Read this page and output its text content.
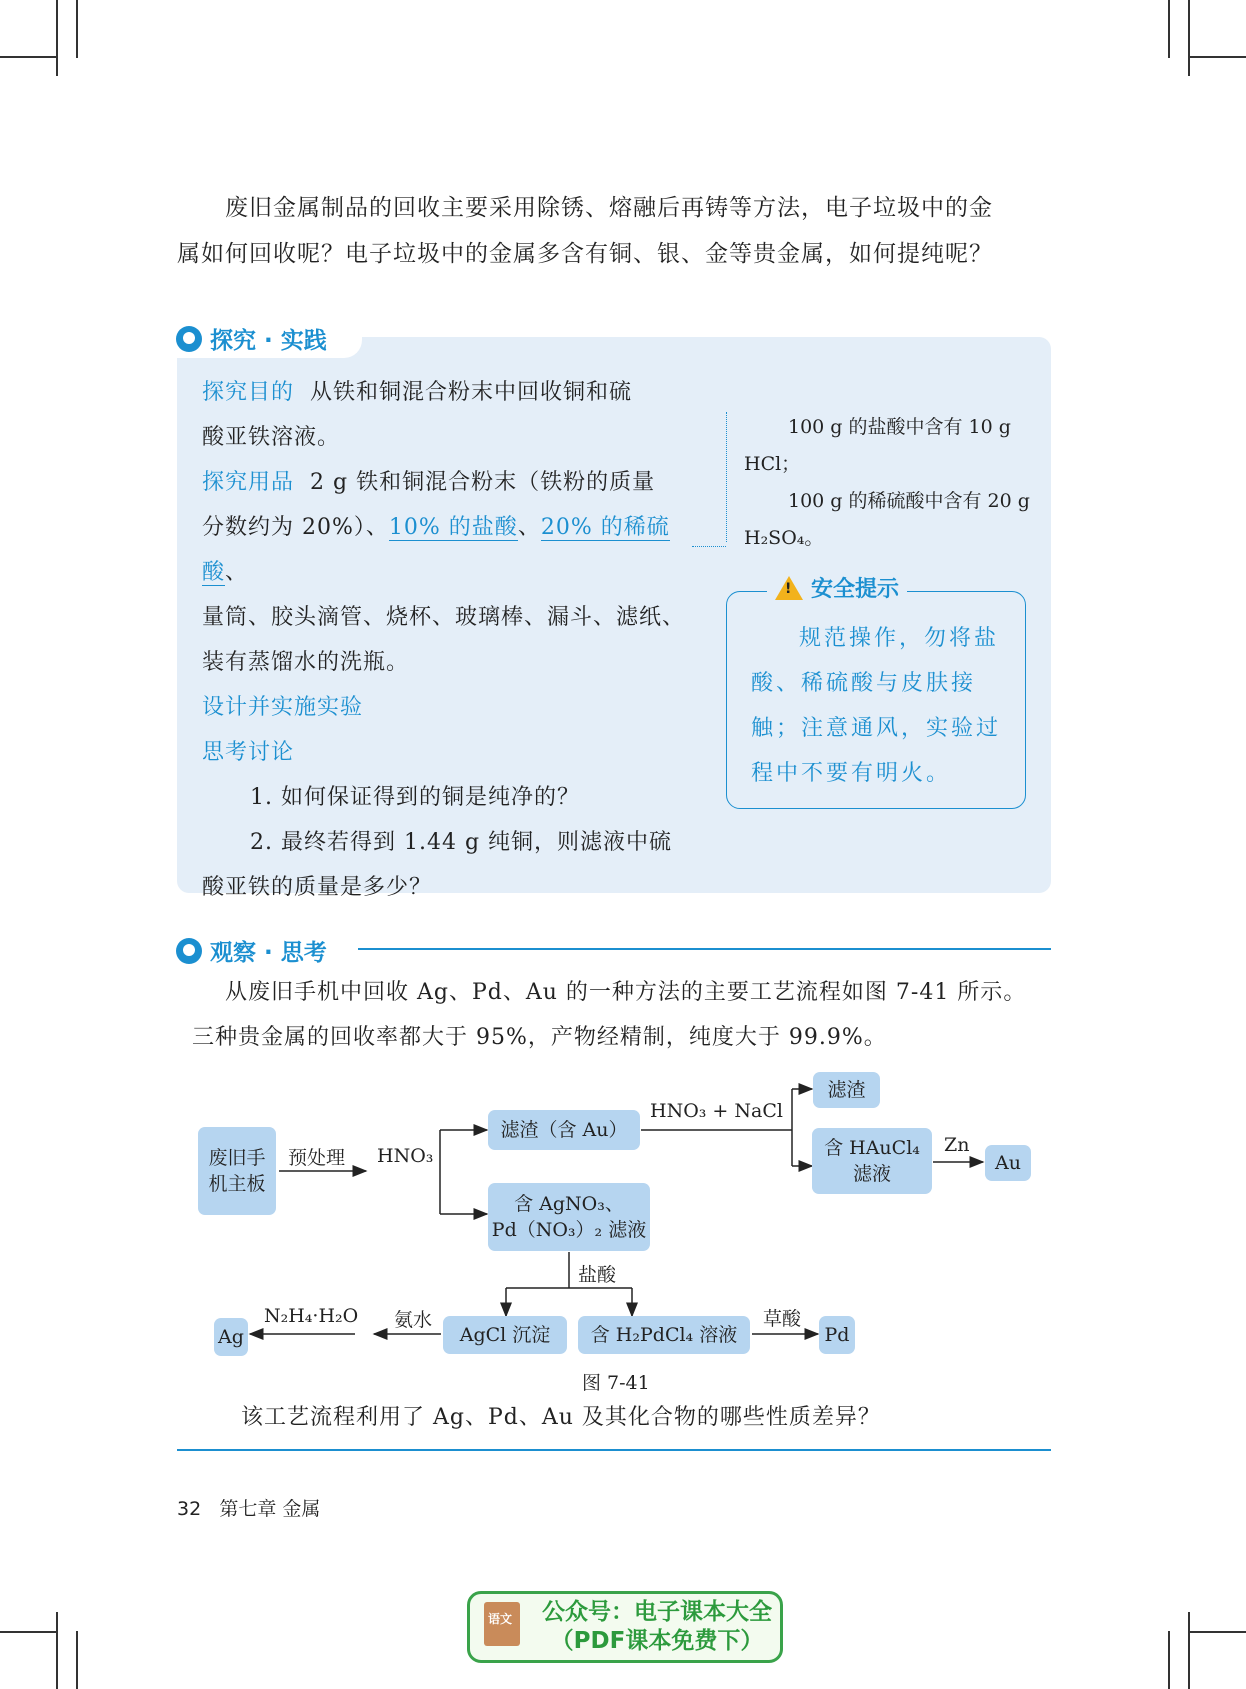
废旧金属制品的回收主要采用除锈、熔融后再铸等方法，电子垃圾中的金
属如何回收呢？电子垃圾中的金属多含有铜、银、金等贵金属，如何提纯呢？
探究 · 实践
探究目的 从铁和铜混合粉末中回收铜和硫
酸亚铁溶液。
探究用品 2 g 铁和铜混合粉末（铁粉的质量
分数约为 20%）、10% 的盐酸、20% 的稀硫酸、
量筒、胶头滴管、烧杯、玻璃棒、漏斗、滤纸、
装有蒸馏水的洗瓶。
设计并实施实验
思考讨论
1. 如何保证得到的铜是纯净的？
2. 最终若得到 1.44 g 纯铜，则滤液中硫
酸亚铁的质量是多少？
100 g 的盐酸中含有 10 g
HCl；
100 g 的稀硫酸中含有 20 g
H₂SO₄。
! 安全提示
规范操作，勿将盐酸、稀硫酸与皮肤接触；注意通风，实验过程中不要有明火。
观察 · 思考
从废旧手机中回收 Ag、Pd、Au 的一种方法的主要工艺流程如图 7-41 所示。
三种贵金属的回收率都大于 95%，产物经精制，纯度大于 99.9%。
废旧手机主板
预处理 HNO₃
滤渣（含 Au）
HNO₃ + NaCl
滤渣
含 HAuCl₄
滤液
Zn
Au
含 AgNO₃、
Pd（NO₃）₂ 滤液
盐酸
AgCl 沉淀 含 H₂PdCl₄ 溶液
草酸
Pd
氨水
N₂H₄·H₂O
Ag
图 7-41
该工艺流程利用了 Ag、Pd、Au 及其化合物的哪些性质差异？
32 第七章 金属
语文 公众号：电子课本大全
（PDF课本免费下）
